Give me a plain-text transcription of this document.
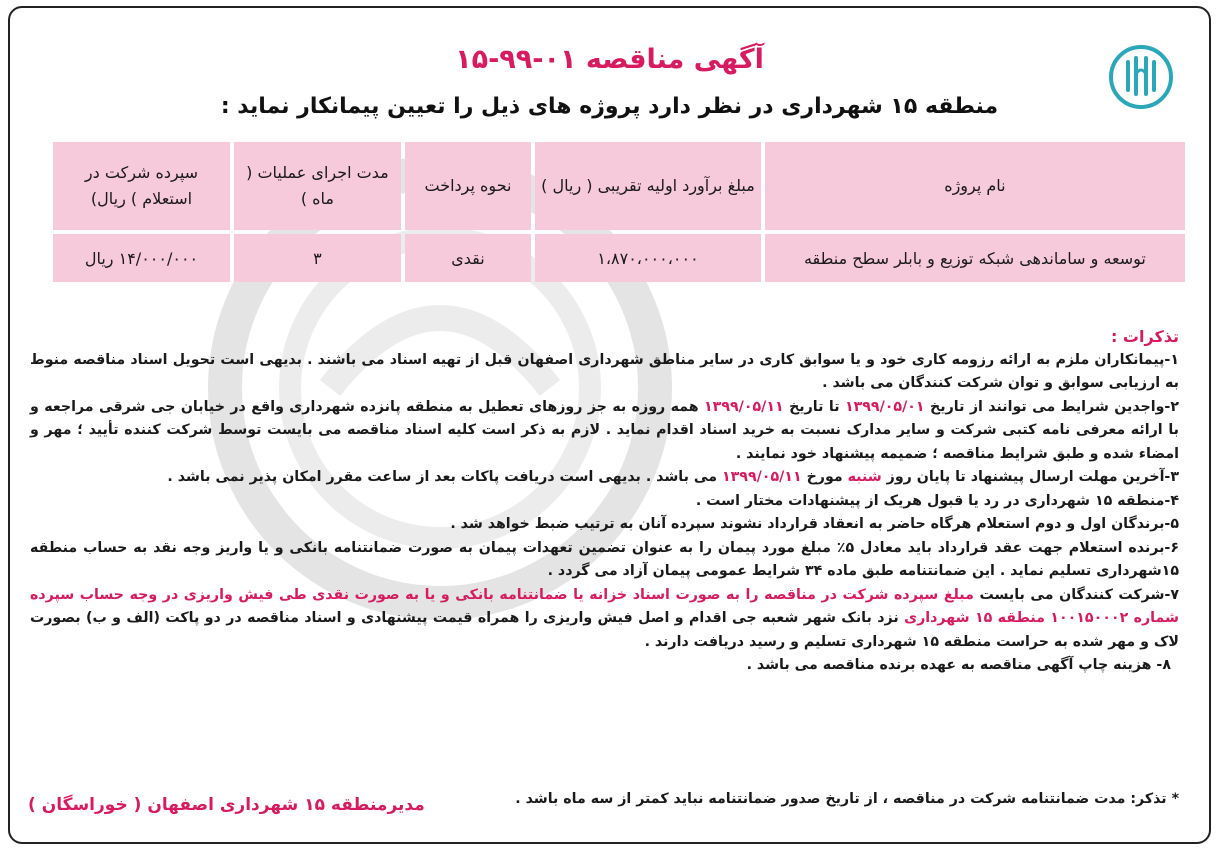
آگهی مناقصه ۰۱-۹۹-۱۵
منطقه ۱۵ شهرداری در نظر دارد پروژه های ذیل را تعیین پیمانکار نماید :
نام پروژه	مبلغ برآورد اولیه تقریبی ( ریال )	نحوه پرداخت	مدت اجرای عملیات ( ماه )	سپرده شرکت در استعلام ) ریال)
توسعه و ساماندهی شبکه توزیع و بابلر سطح منطقه	۱،۸۷۰،۰۰۰،۰۰۰	نقدی	۳	۱۴/۰۰۰/۰۰۰ ریال

تذکرات :

۱-پیمانکاران ملزم به ارائه رزومه کاری خود و یا سوابق کاری در سایر مناطق شهرداری اصفهان قبل از تهیه اسناد می باشند . بدیهی است تحویل اسناد مناقصه منوط به ارزیابی سوابق و توان شرکت کنندگان می باشد .

۲-واجدین شرایط می توانند از تاریخ ۱۳۹۹/۰۵/۰۱ تا تاریخ ۱۳۹۹/۰۵/۱۱ همه روزه به جز روزهای تعطیل به منطقه پانزده شهرداری واقع در خیابان جی شرقی مراجعه و با ارائه معرفی نامه کتبی شرکت و سایر مدارک نسبت به خرید اسناد اقدام نماید . لازم به ذکر است کلیه اسناد مناقصه می بایست توسط شرکت کننده تأیید ؛ مهر و امضاء شده و طبق شرایط مناقصه ؛ ضمیمه پیشنهاد خود نمایند .

۳-آخرین مهلت ارسال پیشنهاد تا پایان روز شنبه مورخ ۱۳۹۹/۰۵/۱۱ می باشد . بدیهی است دریافت پاکات بعد از ساعت مقرر امکان پذیر نمی باشد .

۴-منطقه ۱۵ شهرداری در رد یا قبول هریک از پیشنهادات مختار است .

۵-برندگان اول و دوم استعلام هرگاه حاضر به انعقاد قرارداد نشوند سپرده آنان به ترتیب ضبط خواهد شد .

۶-برنده استعلام جهت عقد قرارداد باید معادل ۵٪ مبلغ مورد پیمان را به عنوان تضمین تعهدات پیمان به صورت ضمانتنامه بانکی و یا واریز وجه نقد به حساب منطقه ۱۵شهرداری تسلیم نماید . این ضمانتنامه طبق ماده ۳۴ شرایط عمومی پیمان آزاد می گردد .

۷-شرکت کنندگان می بایست مبلغ سپرده شرکت در مناقصه را به صورت اسناد خزانه یا ضمانتنامه بانکی و یا به صورت نقدی طی فیش واریزی در وجه حساب سپرده شماره ۱۰۰۱۵۰۰۰۲ منطقه ۱۵ شهرداری نزد بانک شهر شعبه جی اقدام و اصل فیش واریزی را همراه قیمت پیشنهادی و اسناد مناقصه در دو پاکت (الف و ب) بصورت لاک و مهر شده به حراست منطقه ۱۵ شهرداری تسلیم و رسید دریافت دارند .

۸- هزینه چاپ آگهی مناقصه به عهده برنده مناقصه می باشد .

* تذکر: مدت ضمانتنامه شرکت در مناقصه ، از تاریخ صدور ضمانتنامه نباید کمتر از سه ماه باشد .
مدیرمنطقه ۱۵ شهرداری اصفهان ( خوراسگان )
